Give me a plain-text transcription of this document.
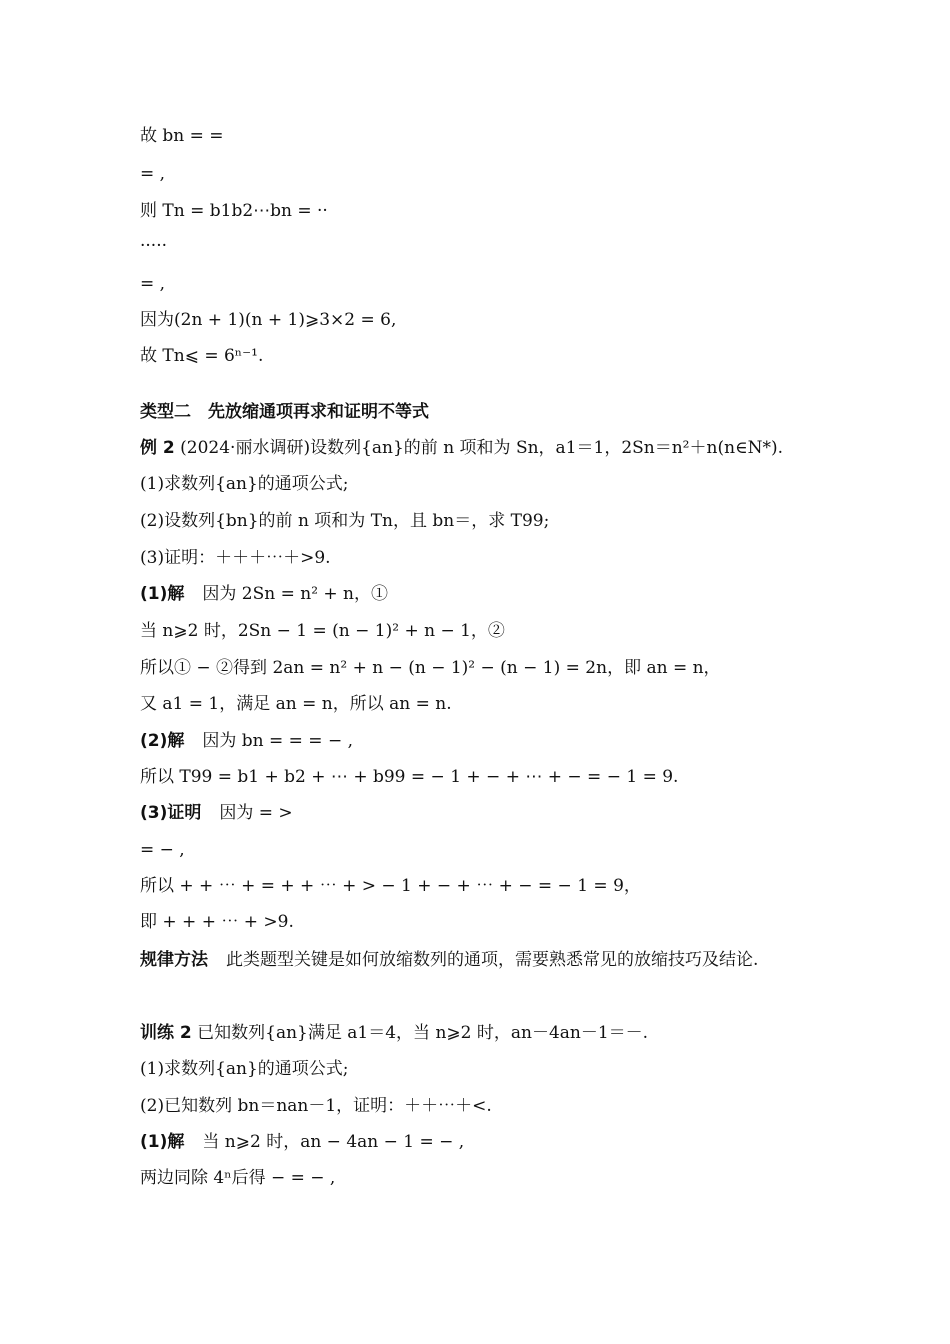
故 bn = =
= ,
则 Tn = b1b2⋯bn = ··
·····
= ,
因为(2n + 1)(n + 1)⩾3×2 = 6,
故 Tn⩽ = 6ⁿ⁻¹.
类型二　先放缩通项再求和证明不等式
例 2 (2024·丽水调研)设数列{an}的前 n 项和为 Sn，a1＝1，2Sn＝n²＋n(n∈N*).
(1)求数列{an}的通项公式;
(2)设数列{bn}的前 n 项和为 Tn，且 bn＝，求 T99;
(3)证明：＋＋＋⋯＋>9.
(1)解 因为 2Sn = n² + n，①
当 n⩾2 时，2Sn − 1 = (n − 1)² + n − 1，②
所以① − ②得到 2an = n² + n − (n − 1)² − (n − 1) = 2n，即 an = n，
又 a1 = 1，满足 an = n，所以 an = n.
(2)解 因为 bn = = = − ,
所以 T99 = b1 + b2 + ⋯ + b99 = − 1 + − + ⋯ + − = − 1 = 9.
(3)证明 因为 = >
= − ,
所以 + + ⋯ + = + + ⋯ + > − 1 + − + ⋯ + − = − 1 = 9，
即 + + + ⋯ + >9.
规律方法 此类题型关键是如何放缩数列的通项，需要熟悉常见的放缩技巧及结论.
训练 2 已知数列{an}满足 a1＝4，当 n⩾2 时，an－4an－1＝－.
(1)求数列{an}的通项公式;
(2)已知数列 bn＝nan－1，证明：＋＋⋯＋<.
(1)解 当 n⩾2 时，an − 4an − 1 = − ,
两边同除 4ⁿ后得 − = − ,
